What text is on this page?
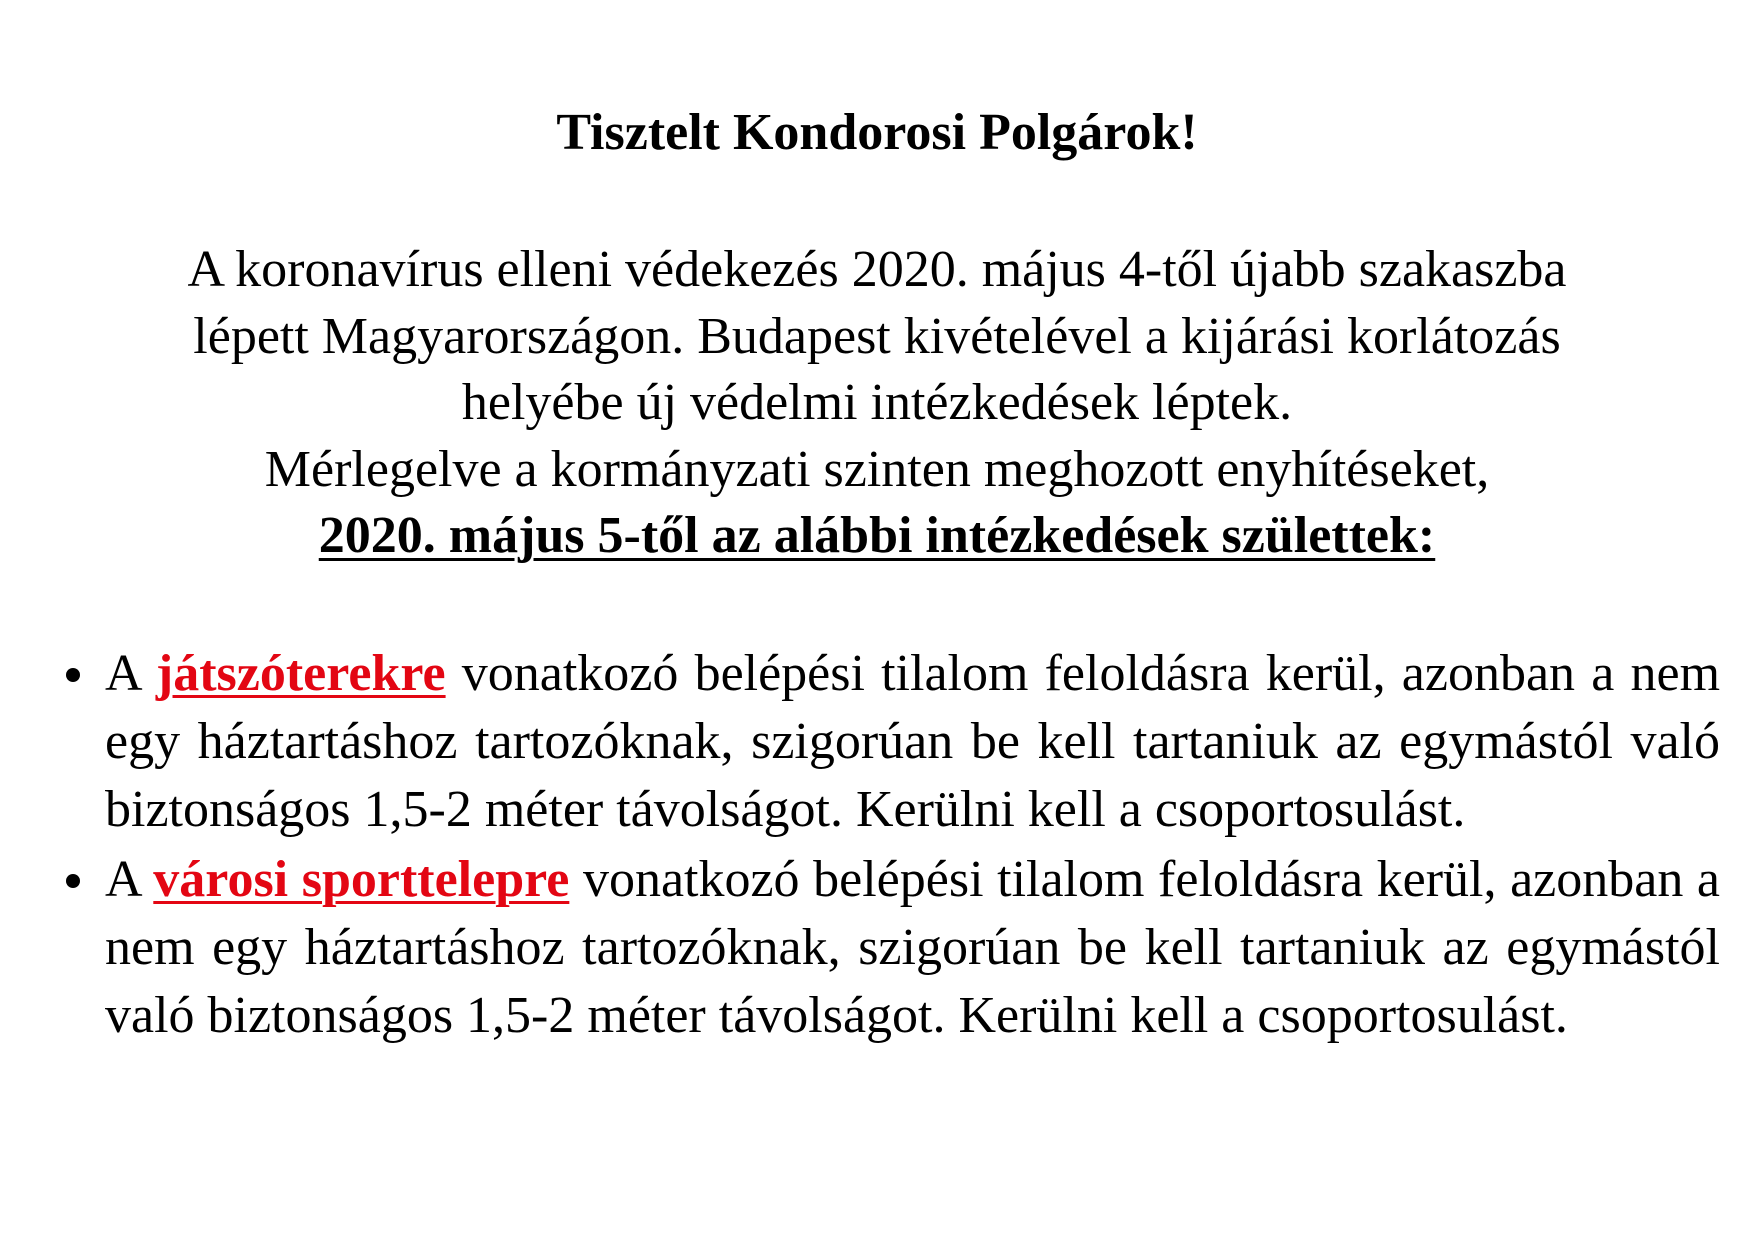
Tisztelt Kondorosi Polgárok!

A koronavírus elleni védekezés 2020. május 4-től újabb szakaszba
lépett Magyarországon. Budapest kivételével a kijárási korlátozás
helyébe új védelmi intézkedések léptek.
Mérlegelve a kormányzati szinten meghozott enyhítéseket,
2020. május 5-től az alábbi intézkedések születtek:

A játszóterekre vonatkozó belépési tilalom feloldásra kerül, azonban a nem egy háztartáshoz tartozóknak, szigorúan be kell tartaniuk az egymástól való biztonságos 1,5-2 méter távolságot. Kerülni kell a csoportosulást.
A városi sporttelepre vonatkozó belépési tilalom feloldásra kerül, azonban a nem egy háztartáshoz tartozóknak, szigorúan be kell tartaniuk az egymástól való biztonságos 1,5-2 méter távolságot. Kerülni kell a csoportosulást.
